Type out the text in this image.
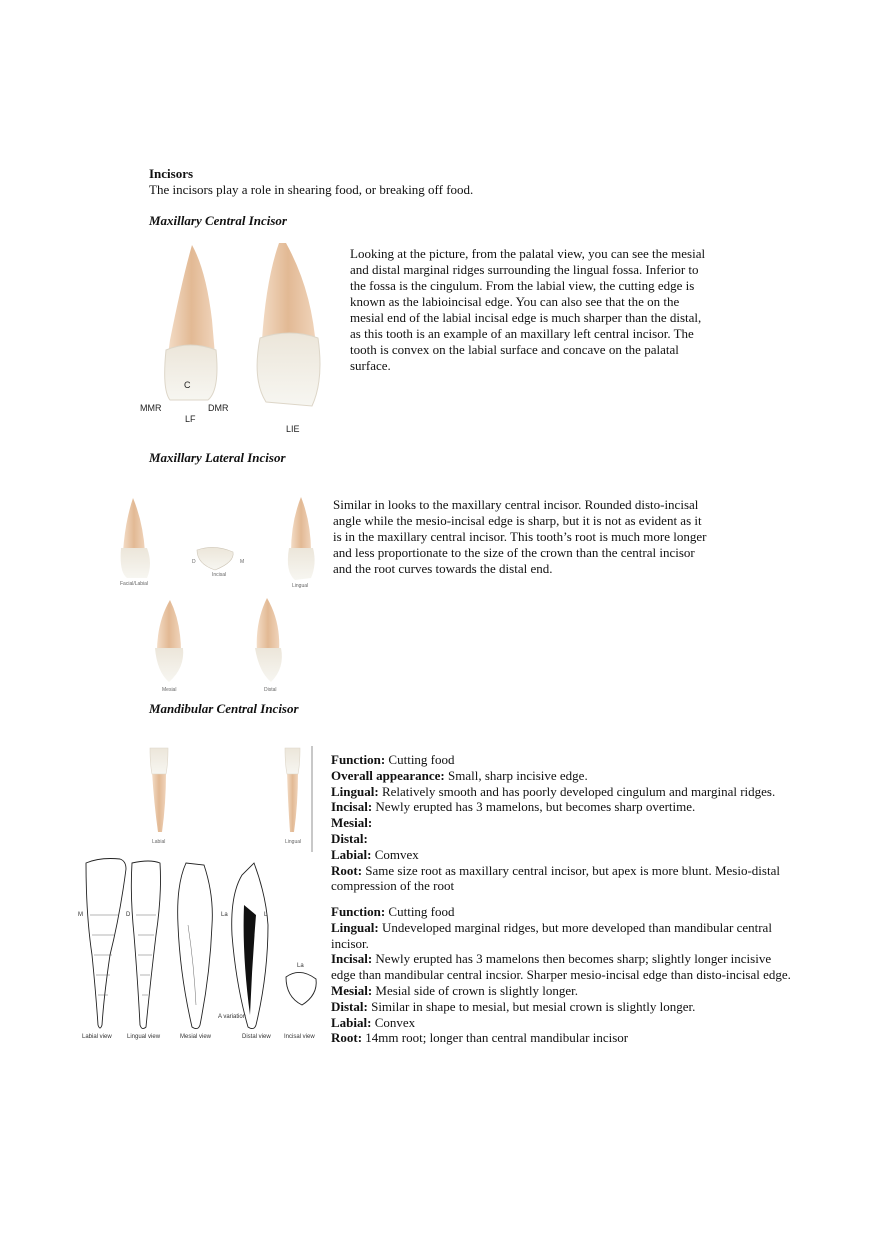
Incisors
The incisors play a role in shearing food, or breaking off food.
Maxillary Central Incisor
C
MMR	DMR
LF
LIE
Looking at the picture, from the palatal view, you can see the mesial
and distal marginal ridges surrounding the lingual fossa. Inferior to
the fossa is the cingulum. From the labial view, the cutting edge is
known as the labioincisal edge. You can also see that the on the
mesial end of the labial incisal edge is much sharper than the distal,
as this tooth is an example of an maxillary left central incisor. The
tooth is convex on the labial surface and concave on the palatal
surface.
Maxillary Lateral Incisor
Facial/Labial
Incisal
D	M
Lingual
Mesial	Distal
Similar in looks to the maxillary central incisor. Rounded disto-incisal
angle while the mesio-incisal edge is sharp, but it is not as evident as it
is in the maxillary central incisor. This tooth’s root is much more longer
and less proportionate to the size of the crown than the central incisor
and the root curves towards the distal end.
Mandibular Central Incisor
Labial	Lingual
Function: Cutting food
Overall appearance: Small, sharp incisive edge.
Lingual: Relatively smooth and has poorly developed cingulum and marginal ridges.
Incisal: Newly erupted has 3 mamelons, but becomes sharp overtime.
Mesial:
Distal:
Labial: Comvex
Root: Same size root as maxillary central incisor, but apex is more blunt. Mesio-distal
compression of the root
M	D	La	L
La
A variation
Labial view	Lingual view	Mesial view	Distal view Incisal view
Function: Cutting food
Lingual: Undeveloped marginal ridges, but more developed than mandibular central
incisor.
Incisal: Newly erupted has 3 mamelons then becomes sharp; slightly longer incisive
edge than mandibular central incsior. Sharper mesio-incisal edge than disto-incisal edge.
Mesial: Mesial side of crown is slightly longer.
Distal: Similar in shape to mesial, but mesial crown is slightly longer.
Labial: Convex
Root: 14mm root; longer than central mandibular incisor
